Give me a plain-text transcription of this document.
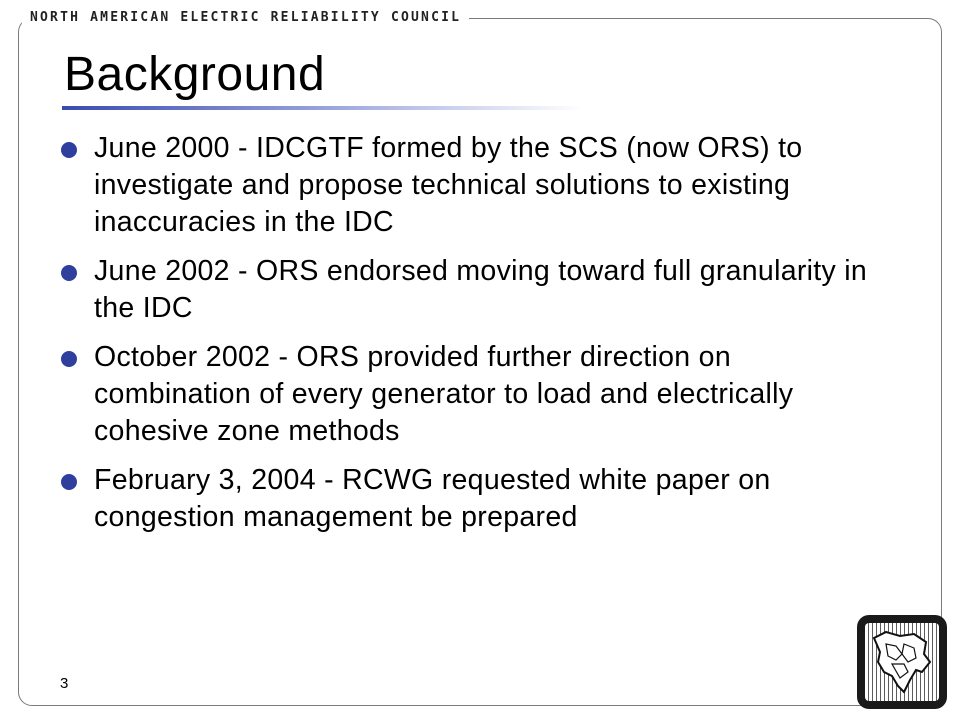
NORTH AMERICAN ELECTRIC RELIABILITY COUNCIL
Background
June 2000 - IDCGTF formed by the SCS (now ORS) to investigate and propose technical solutions to existing inaccuracies in the IDC
June 2002 - ORS endorsed moving toward full granularity in the IDC
October 2002 - ORS provided further direction on combination of every generator to load and electrically cohesive zone methods
February 3, 2004 - RCWG requested white paper on congestion management be prepared
3
